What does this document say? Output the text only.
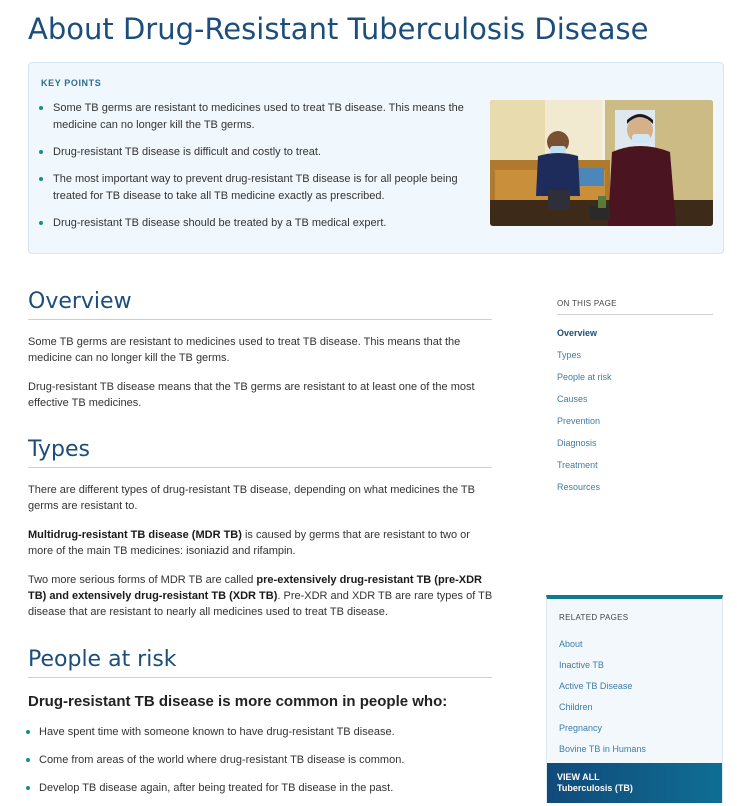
About Drug-Resistant Tuberculosis Disease
KEY POINTS
Some TB germs are resistant to medicines used to treat TB disease. This means the medicine can no longer kill the TB germs.
Drug-resistant TB disease is difficult and costly to treat.
The most important way to prevent drug-resistant TB disease is for all people being treated for TB disease to take all TB medicine exactly as prescribed.
Drug-resistant TB disease should be treated by a TB medical expert.
Overview

Some TB germs are resistant to medicines used to treat TB disease. This means that the medicine can no longer kill the TB germs.

Drug-resistant TB disease means that the TB germs are resistant to at least one of the most effective TB medicines.

Types

There are different types of drug-resistant TB disease, depending on what medicines the TB germs are resistant to.

Multidrug-resistant TB disease (MDR TB) is caused by germs that are resistant to two or more of the main TB medicines: isoniazid and rifampin.

Two more serious forms of MDR TB are called pre-extensively drug-resistant TB (pre-XDR TB) and extensively drug-resistant TB (XDR TB). Pre-XDR and XDR TB are rare types of TB disease that are resistant to nearly all medicines used to treat TB disease.

People at risk
Drug-resistant TB disease is more common in people who:
Have spent time with someone known to have drug-resistant TB disease.
Come from areas of the world where drug-resistant TB disease is common.
Develop TB disease again, after being treated for TB disease in the past.
ON THIS PAGE
Overview
Types
People at risk
Causes
Prevention
Diagnosis
Treatment
Resources
RELATED PAGES
About
Inactive TB
Active TB Disease
Children
Pregnancy
Bovine TB in Humans
VIEW ALL
Tuberculosis (TB)
